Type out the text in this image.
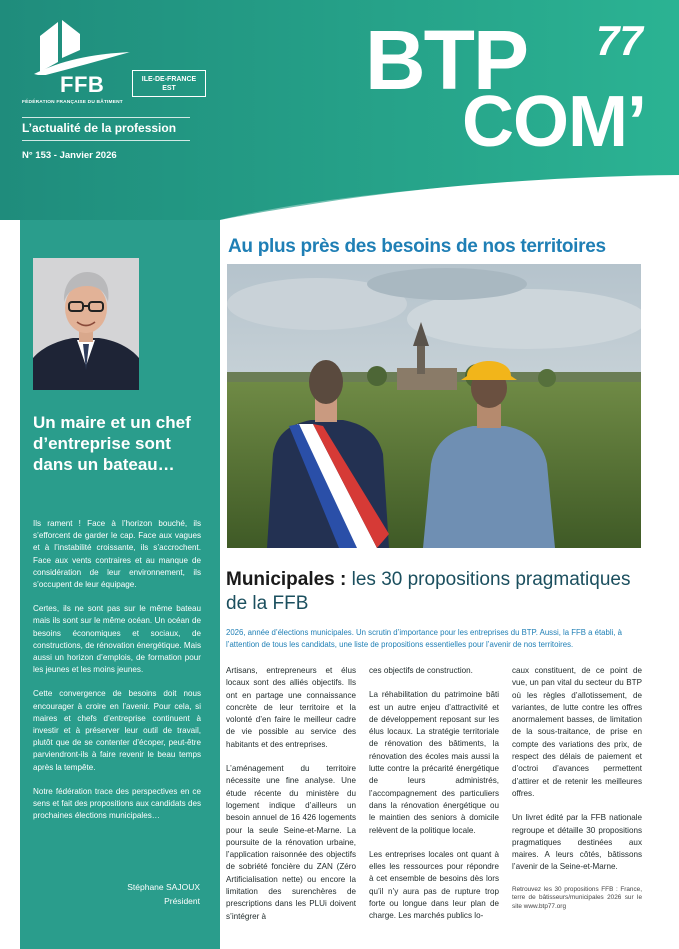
FFB
FÉDÉRATION FRANÇAISE DU BÂTIMENT
ILE-DE-FRANCE
EST
L’actualité de la profession
N° 153 - Janvier 2026
BTP 77
COM’
Un maire et un chef d’entreprise sont dans un bateau…

Ils rament ! Face à l’horizon bouché, ils s’efforcent de garder le cap. Face aux vagues et à l’instabilité croissante, ils s’accrochent. Face aux vents contraires et au manque de considération de leur environnement, ils s’occupent de leur équipage.

Certes, ils ne sont pas sur le même bateau mais ils sont sur le même océan. Un océan de besoins économiques et sociaux, de constructions, de rénovation énergétique. Mais aussi un horizon d’emplois, de formation pour les jeunes et les moins jeunes.

Cette convergence de besoins doit nous encourager à croire en l’avenir. Pour cela, si maires et chefs d’entreprise continuent à investir et à préserver leur outil de travail, plutôt que de se contenter d’écoper, peut-être parviendront-ils à faire revenir le beau temps après la tempête.

Notre fédération trace des perspectives en ce sens et fait des propositions aux candidats des prochaines élections municipales…

Stéphane SAJOUX
Président
Au plus près des besoins de nos territoires
Municipales : les 30 propositions pragmatiques de la FFB
2026, année d’élections municipales. Un scrutin d’importance pour les entreprises du BTP. Aussi, la FFB a établi, à l’attention de tous les candidats, une liste de propositions essentielles pour l’avenir de nos territoires.

Artisans, entrepreneurs et élus locaux sont des alliés objectifs. Ils ont en partage une connaissance concrète de leur territoire et la volonté d’en faire le meilleur cadre de vie possible au service des habitants et des entreprises.

L’aménagement du territoire nécessite une fine analyse. Une étude récente du ministère du logement indique d’ailleurs un besoin annuel de 16 426 logements pour la seule Seine-et-Marne. La poursuite de la rénovation urbaine, l’application raisonnée des objectifs de sobriété foncière du ZAN (Zéro Artificialisation nette) ou encore la limitation des surenchères de prescriptions dans les PLUi doivent s’intégrer à

ces objectifs de construction.

La réhabilitation du patrimoine bâti est un autre enjeu d’attractivité et de développement reposant sur les élus locaux. La stratégie territoriale de rénovation des bâtiments, la rénovation des écoles mais aussi la lutte contre la précarité énergétique de leurs administrés, l’accompagnement des particuliers dans la rénovation énergétique ou le maintien des seniors à domicile relèvent de la politique locale.

Les entreprises locales ont quant à elles les ressources pour répondre à cet ensemble de besoins dès lors qu’il n’y aura pas de rupture trop forte ou longue dans leur plan de charge. Les marchés publics lo-

caux constituent, de ce point de vue, un pan vital du secteur du BTP où les règles d’allotissement, de variantes, de lutte contre les offres anormalement basses, de limitation de la sous-traitance, de prise en compte des variations des prix, de respect des délais de paiement et d’octroi d’avances permettent d’attirer et de retenir les meilleures offres.

Un livret édité par la FFB nationale regroupe et détaille 30 propositions pragmatiques destinées aux maires. A leurs côtés, bâtissons l’avenir de la Seine-et-Marne.

Retrouvez les 30 propositions FFB : France, terre de bâtisseurs/municipales 2026 sur le site www.btp77.org
